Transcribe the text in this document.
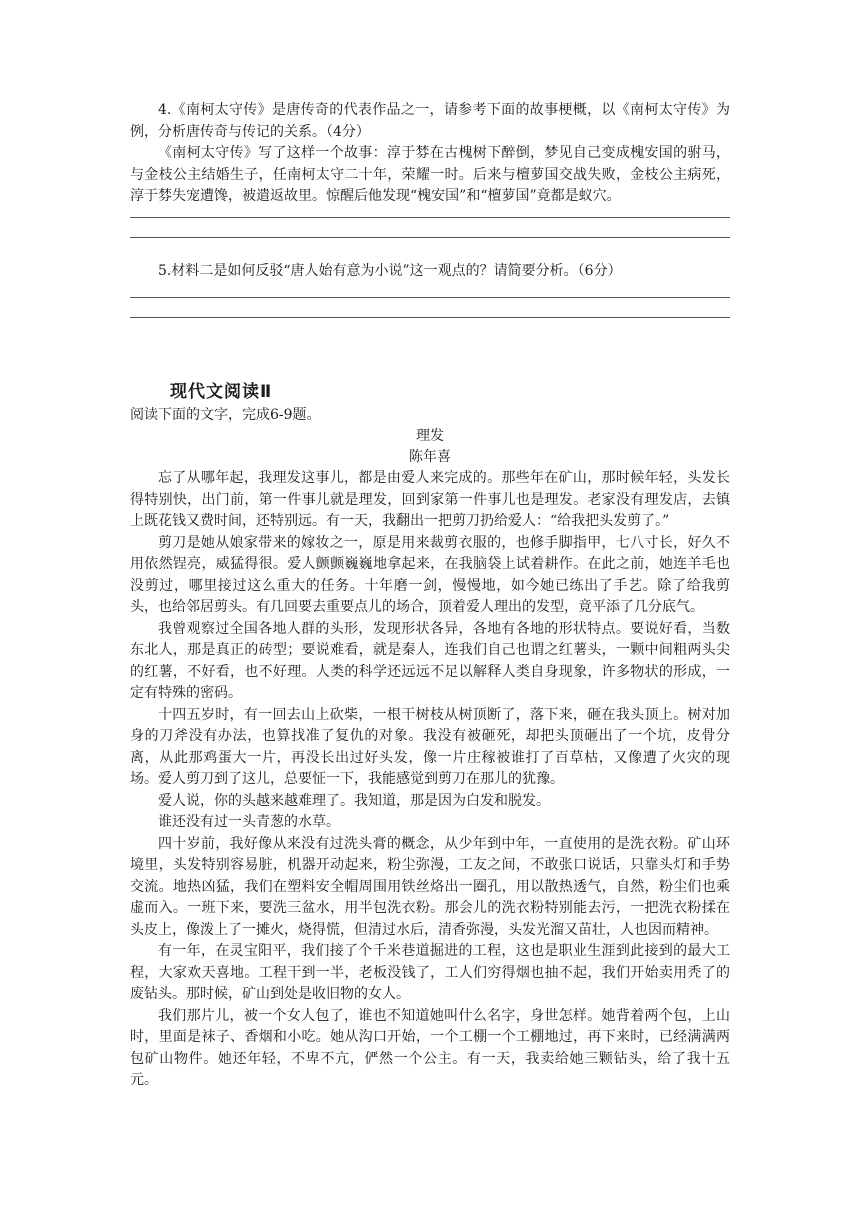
4.《南柯太守传》是唐传奇的代表作品之一，请参考下面的故事梗概，以《南柯太守传》为例，分析唐传奇与传记的关系。（4分）

《南柯太守传》写了这样一个故事：淳于棼在古槐树下醉倒，梦见自己变成槐安国的驸马，与金枝公主结婚生子，任南柯太守二十年，荣耀一时。后来与檀萝国交战失败，金枝公主病死，淳于棼失宠遭馋，被遣返故里。惊醒后他发现“槐安国”和“檀萝国”竟都是蚁穴。

5.材料二是如何反驳“唐人始有意为小说”这一观点的？请简要分析。（6分）

现代文阅读Ⅱ
阅读下面的文字，完成6-9题。
理发
陈年喜

忘了从哪年起，我理发这事儿，都是由爱人来完成的。那些年在矿山，那时候年轻，头发长得特别快，出门前，第一件事儿就是理发，回到家第一件事儿也是理发。老家没有理发店，去镇上既花钱又费时间，还特别远。有一天，我翻出一把剪刀扔给爱人：“给我把头发剪了。”

剪刀是她从娘家带来的嫁妆之一，原是用来裁剪衣服的，也修手脚指甲，七八寸长，好久不用依然锃亮，威猛得很。爱人颤颤巍巍地拿起来，在我脑袋上试着耕作。在此之前，她连羊毛也没剪过，哪里接过这么重大的任务。十年磨一剑，慢慢地，如今她已练出了手艺。除了给我剪头，也给邻居剪头。有几回要去重要点儿的场合，顶着爱人理出的发型，竟平添了几分底气。

我曾观察过全国各地人群的头形，发现形状各异，各地有各地的形状特点。要说好看，当数东北人，那是真正的砖型；要说难看，就是秦人，连我们自己也谓之红薯头，一颗中间粗两头尖的红薯，不好看，也不好理。人类的科学还远远不足以解释人类自身现象，许多物状的形成，一定有特殊的密码。

十四五岁时，有一回去山上砍柴，一根干树枝从树顶断了，落下来，砸在我头顶上。树对加身的刀斧没有办法，也算找准了复仇的对象。我没有被砸死，却把头顶砸出了一个坑，皮骨分离，从此那鸡蛋大一片，再没长出过好头发，像一片庄稼被谁打了百草枯，又像遭了火灾的现场。爱人剪刀到了这儿，总要怔一下，我能感觉到剪刀在那儿的犹豫。

爱人说，你的头越来越难理了。我知道，那是因为白发和脱发。

谁还没有过一头青葱的水草。

四十岁前，我好像从来没有过洗头膏的概念，从少年到中年，一直使用的是洗衣粉。矿山环境里，头发特别容易脏，机器开动起来，粉尘弥漫，工友之间，不敢张口说话，只靠头灯和手势交流。地热凶猛，我们在塑料安全帽周围用铁丝烙出一圈孔，用以散热透气，自然，粉尘们也乘虚而入。一班下来，要洗三盆水，用半包洗衣粉。那会儿的洗衣粉特别能去污，一把洗衣粉揉在头皮上，像泼上了一摊火，烧得慌，但清过水后，清香弥漫，头发光溜又苗壮，人也因而精神。

有一年，在灵宝阳平，我们接了个千米巷道掘进的工程，这也是职业生涯到此接到的最大工程，大家欢天喜地。工程干到一半，老板没钱了，工人们穷得烟也抽不起，我们开始卖用秃了的废钻头。那时候，矿山到处是收旧物的女人。

我们那片儿，被一个女人包了，谁也不知道她叫什么名字，身世怎样。她背着两个包，上山时，里面是袜子、香烟和小吃。她从沟口开始，一个工棚一个工棚地过，再下来时，已经满满两包矿山物件。她还年轻，不卑不亢，俨然一个公主。有一天，我卖给她三颗钻头，给了我十五元。
